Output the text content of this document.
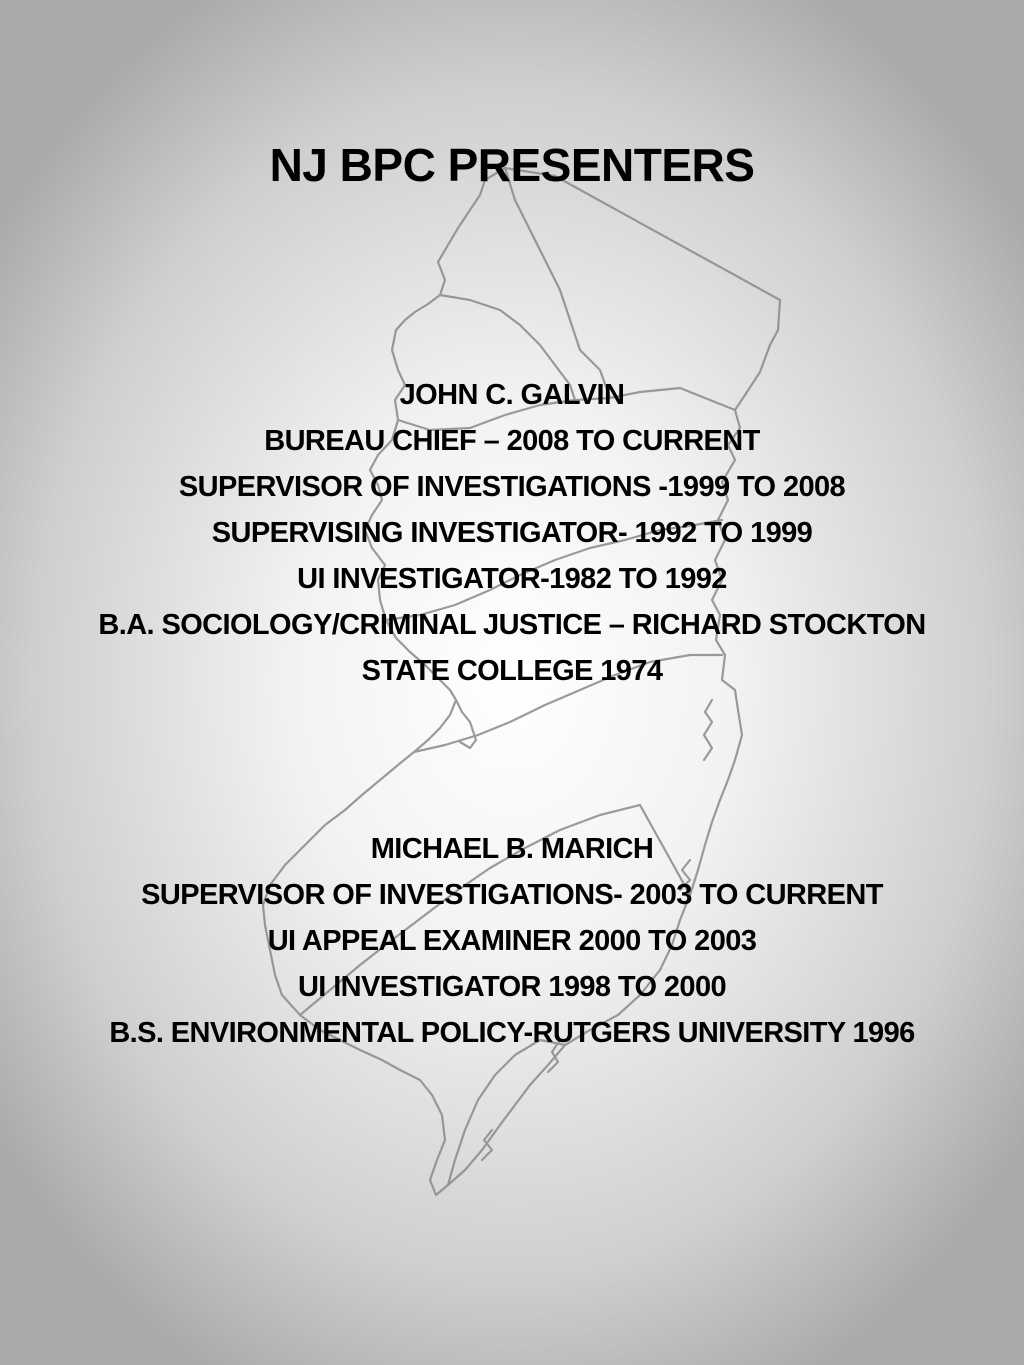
NJ BPC PRESENTERS
JOHN C. GALVIN
BUREAU CHIEF – 2008 TO CURRENT
SUPERVISOR OF INVESTIGATIONS -1999 TO 2008
SUPERVISING INVESTIGATOR- 1992 TO 1999
UI INVESTIGATOR-1982 TO 1992
B.A. SOCIOLOGY/CRIMINAL JUSTICE – RICHARD STOCKTON
STATE COLLEGE 1974
MICHAEL B. MARICH
SUPERVISOR OF INVESTIGATIONS- 2003 TO CURRENT
UI APPEAL EXAMINER 2000 TO 2003
UI INVESTIGATOR 1998 TO 2000
B.S. ENVIRONMENTAL POLICY-RUTGERS UNIVERSITY 1996
